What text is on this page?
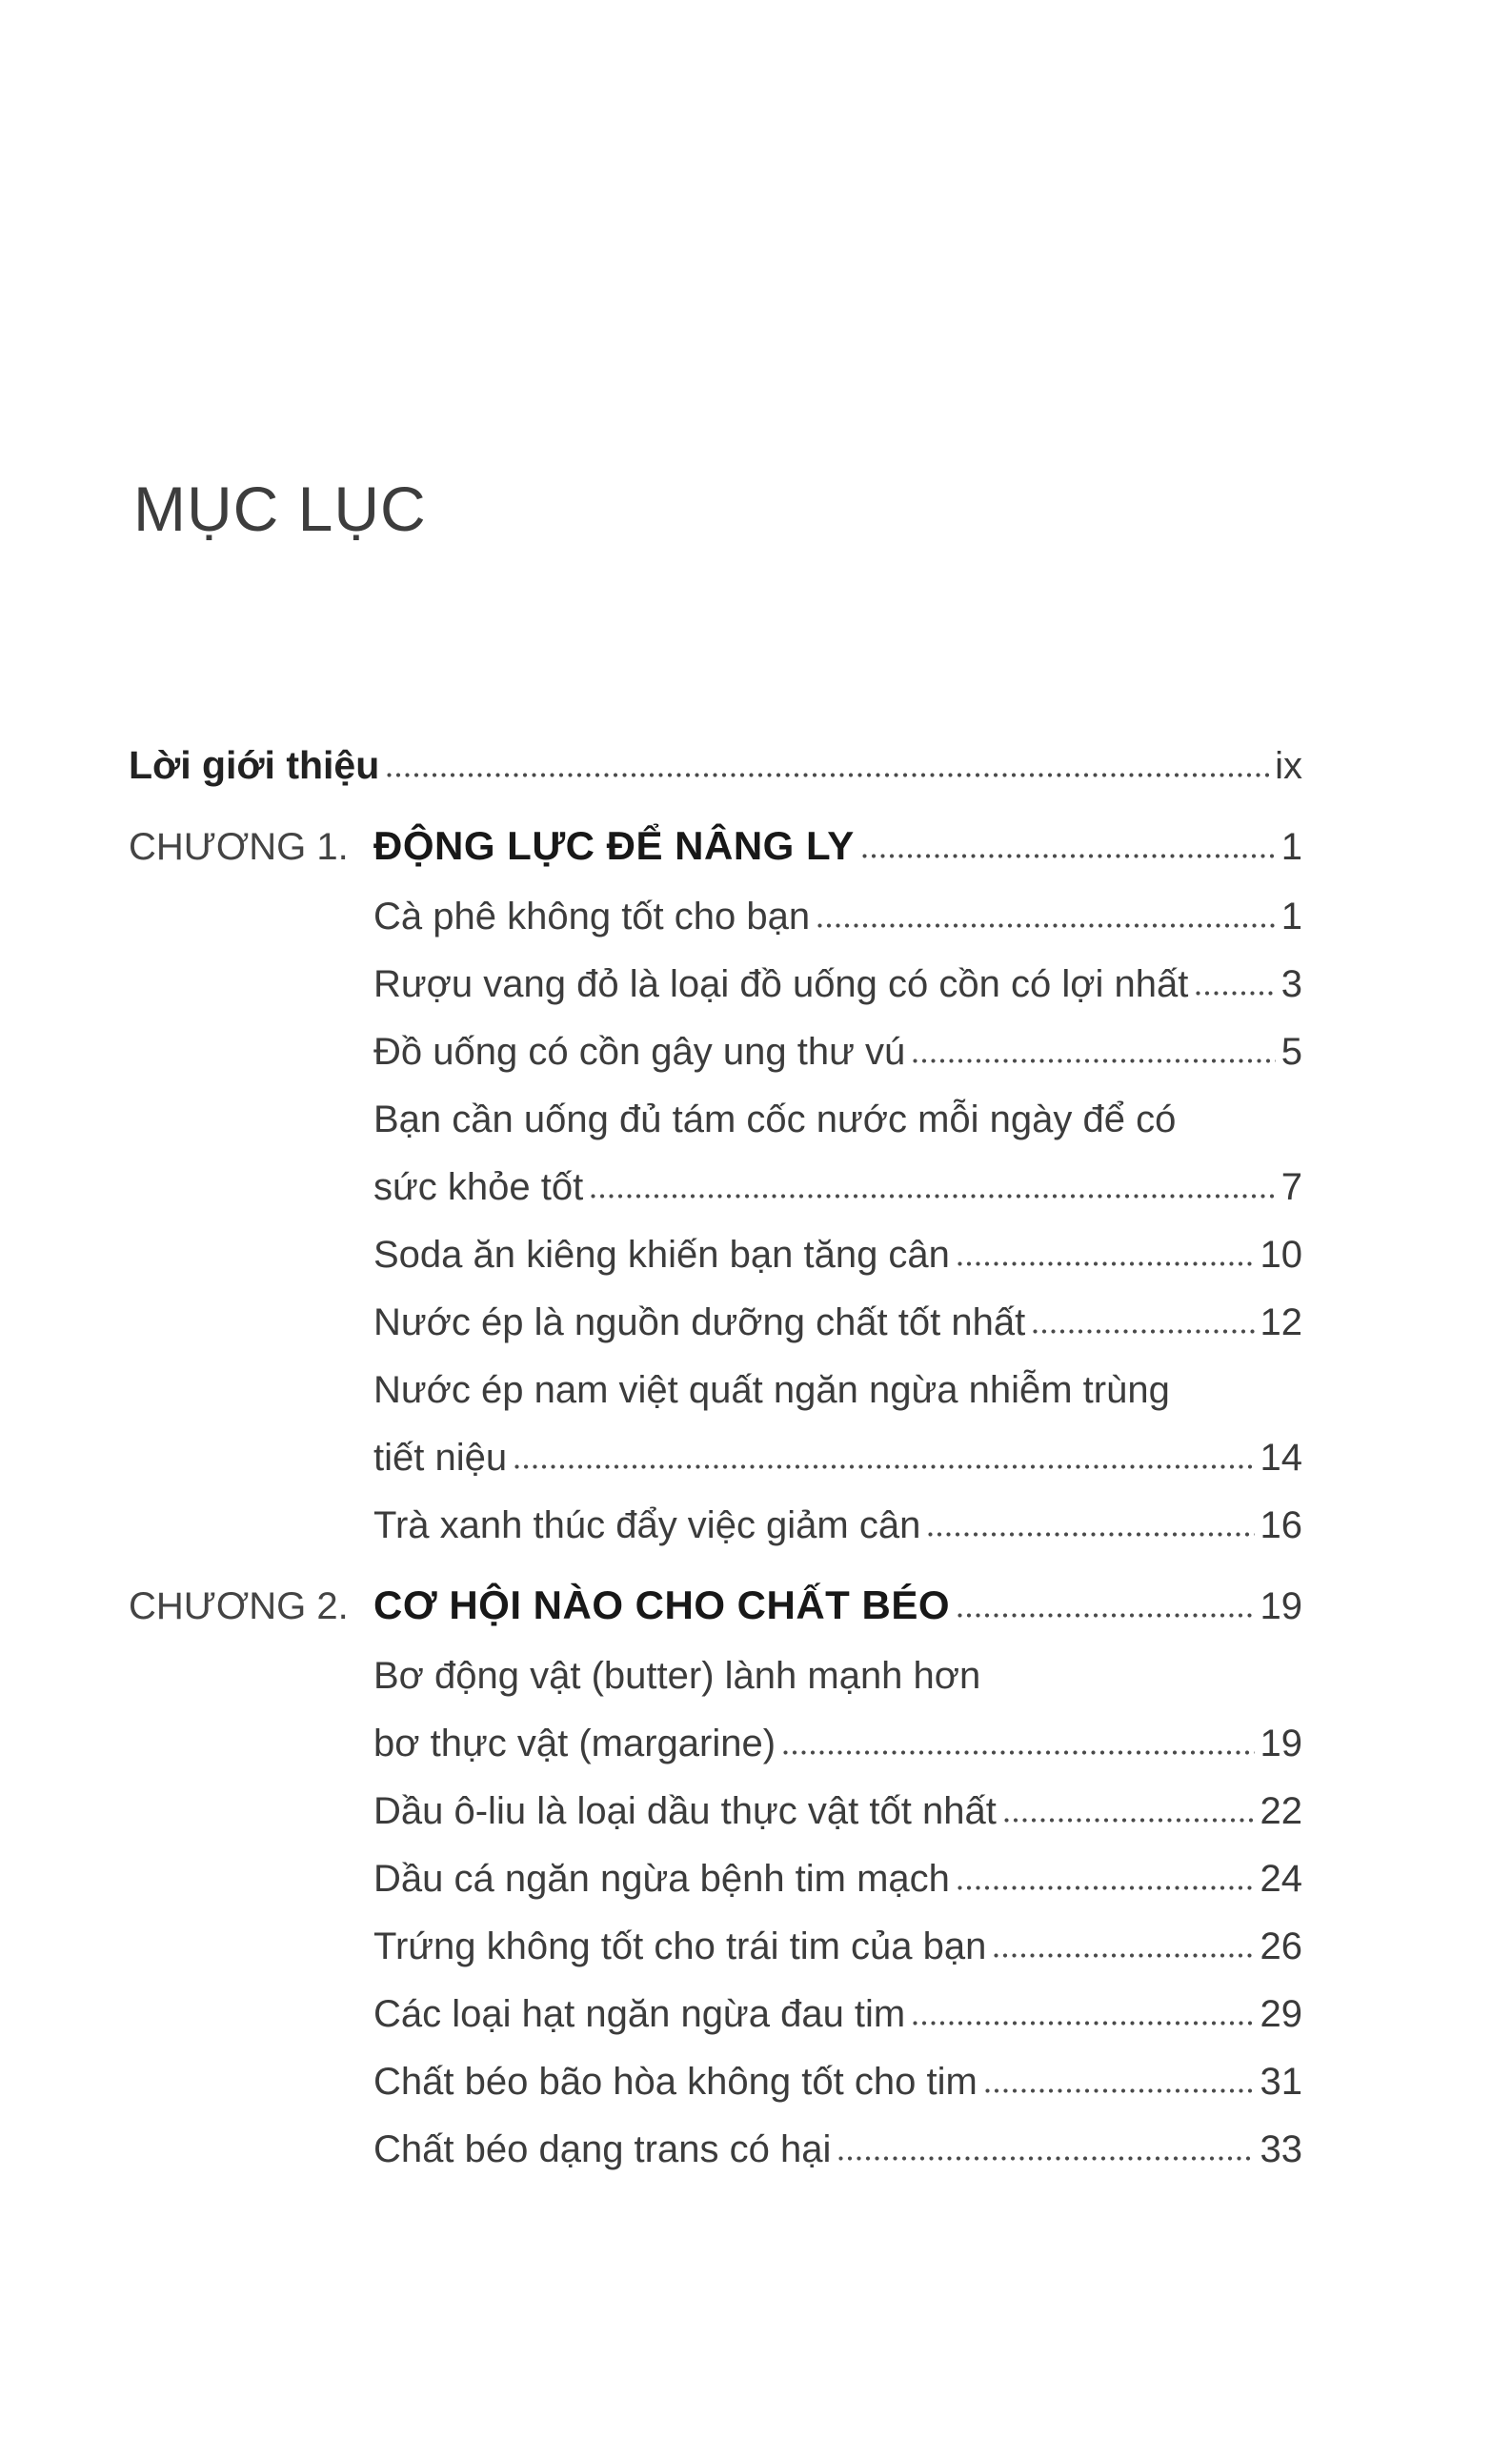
MỤC LỤC
Lời giới thiệu	ix
CHƯƠNG 1. ĐỘNG LỰC ĐỂ NÂNG LY	1
Cà phê không tốt cho bạn	1
Rượu vang đỏ là loại đồ uống có cồn có lợi nhất 3
Đồ uống có cồn gây ung thư vú	5
Bạn cần uống đủ tám cốc nước mỗi ngày để có
sức khỏe tốt	7
Soda ăn kiêng khiến bạn tăng cân	10
Nước ép là nguồn dưỡng chất tốt nhất	12
Nước ép nam việt quất ngăn ngừa nhiễm trùng
tiết niệu	14
Trà xanh thúc đẩy việc giảm cân	16
CHƯƠNG 2. CƠ HỘI NÀO CHO CHẤT BÉO	19
Bơ động vật (butter) lành mạnh hơn
bơ thực vật (margarine)	19
Dầu ô-liu là loại dầu thực vật tốt nhất	22
Dầu cá ngăn ngừa bệnh tim mạch	24
Trứng không tốt cho trái tim của bạn	26
Các loại hạt ngăn ngừa đau tim	29
Chất béo bão hòa không tốt cho tim	31
Chất béo dạng trans có hại	33
